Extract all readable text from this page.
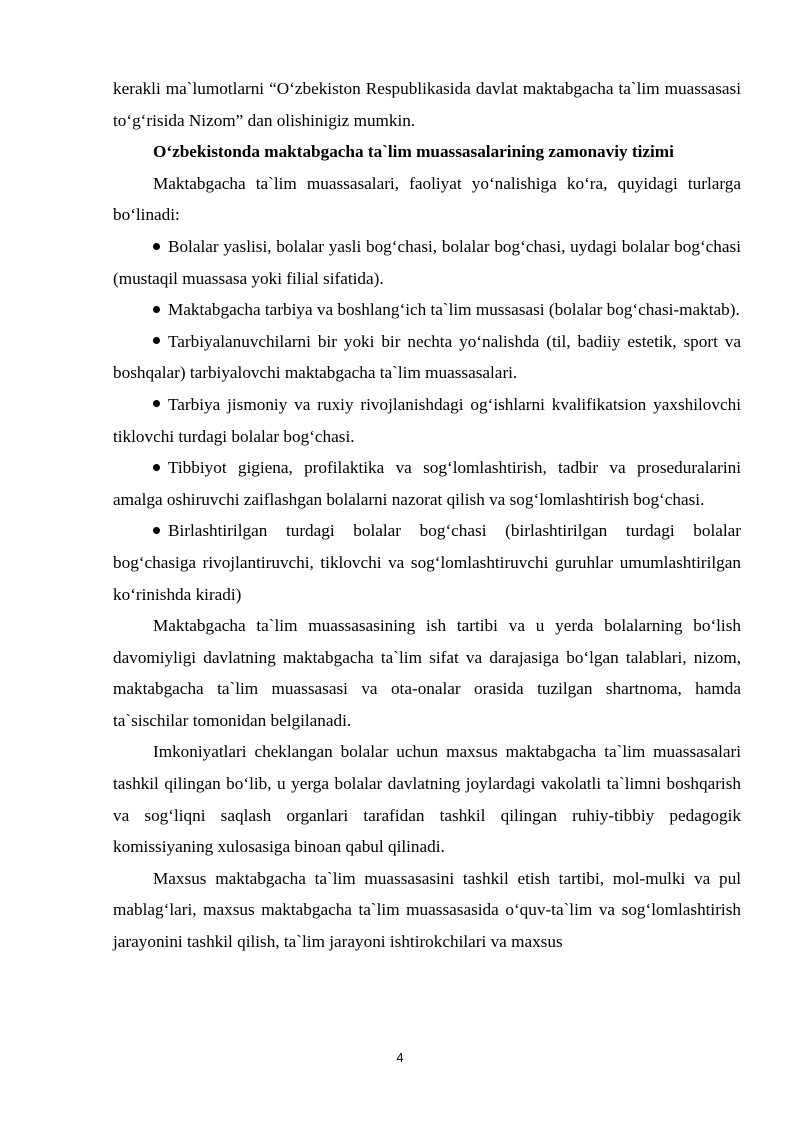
kerakli ma`lumotlarni “O‘zbekiston Respublikasida davlat maktabgacha ta`lim muassasasi to‘g‘risida Nizom” dan olishinigiz mumkin.

O‘zbekistonda maktabgacha ta`lim muassasalarining zamonaviy tizimi

Maktabgacha ta`lim muassasalari, faoliyat yo‘nalishiga ko‘ra, quyidagi turlarga bo‘linadi:

Bolalar yaslisi, bolalar yasli bog‘chasi, bolalar bog‘chasi, uydagi bolalar bog‘chasi (mustaqil muassasa yoki filial sifatida).

Maktabgacha tarbiya va boshlang‘ich ta`lim mussasasi (bolalar bog‘chasi-maktab).

Tarbiyalanuvchilarni bir yoki bir nechta yo‘nalishda (til, badiiy estetik, sport va boshqalar) tarbiyalovchi maktabgacha ta`lim muassasalari.

Tarbiya jismoniy va ruxiy rivojlanishdagi og‘ishlarni kvalifikatsion yaxshilovchi tiklovchi turdagi bolalar bog‘chasi.

Tibbiyot gigiena, profilaktika va sog‘lomlashtirish, tadbir va proseduralarini amalga oshiruvchi zaiflashgan bolalarni nazorat qilish va sog‘lomlashtirish bog‘chasi.

Birlashtirilgan turdagi bolalar bog‘chasi (birlashtirilgan turdagi bolalar bog‘chasiga rivojlantiruvchi, tiklovchi va sog‘lomlashtiruvchi guruhlar umumlashtirilgan ko‘rinishda kiradi)

Maktabgacha ta`lim muassasasining ish tartibi va u yerda bolalarning bo‘lish davomiyligi davlatning maktabgacha ta`lim sifat va darajasiga bo‘lgan talablari, nizom, maktabgacha ta`lim muassasasi va ota-onalar orasida tuzilgan shartnoma, hamda ta`sischilar tomonidan belgilanadi.

Imkoniyatlari cheklangan bolalar uchun maxsus maktabgacha ta`lim muassasalari tashkil qilingan bo‘lib, u yerga bolalar davlatning joylardagi vakolatli ta`limni boshqarish va sog‘liqni saqlash organlari tarafidan tashkil qilingan ruhiy-tibbiy pedagogik komissiyaning xulosasiga binoan qabul qilinadi.

Maxsus maktabgacha ta`lim muassasasini tashkil etish tartibi, mol-mulki va pul mablag‘lari, maxsus maktabgacha ta`lim muassasasida o‘quv-ta`lim va sog‘lomlashtirish jarayonini tashkil qilish, ta`lim jarayoni ishtirokchilari va maxsus

4
